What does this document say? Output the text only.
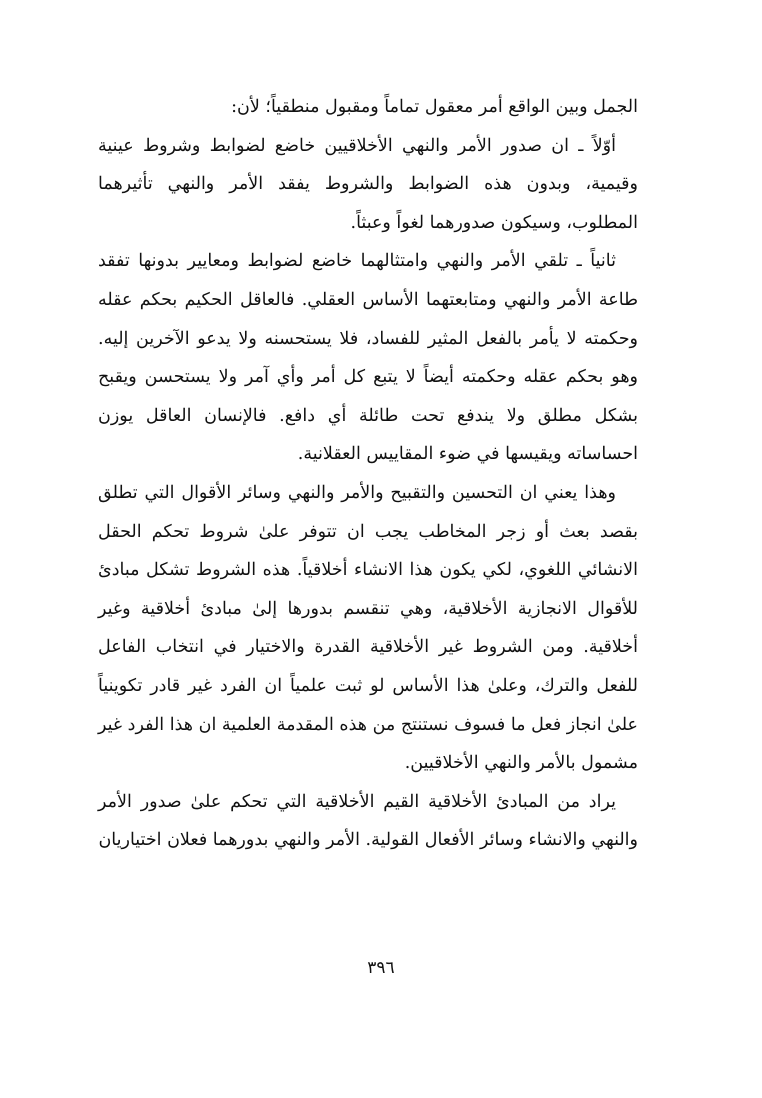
الجمل وبين الواقع أمر معقول تماماً ومقبول منطقياً؛ لأن:

أوّلاً ـ ان صدور الأمر والنهي الأخلاقيين خاضع لضوابط وشروط عينية وقيمية، وبدون هذه الضوابط والشروط يفقد الأمر والنهي تأثيرهما المطلوب، وسيكون صدورهما لغواً وعبثاً.

ثانياً ـ تلقي الأمر والنهي وامتثالهما خاضع لضوابط ومعايير بدونها تفقد طاعة الأمر والنهي ومتابعتهما الأساس العقلي. فالعاقل الحكيم بحكم عقله وحكمته لا يأمر بالفعل المثير للفساد، فلا يستحسنه ولا يدعو الآخرين إليه. وهو بحكم عقله وحكمته أيضاً لا يتبع كل أمر وأي آمر ولا يستحسن ويقبح بشكل مطلق ولا يندفع تحت طائلة أي دافع. فالإنسان العاقل يوزن احساساته ويقيسها في ضوء المقاييس العقلانية.

وهذا يعني ان التحسين والتقبيح والأمر والنهي وسائر الأقوال التي تطلق بقصد بعث أو زجر المخاطب يجب ان تتوفر علىٰ شروط تحكم الحقل الانشائي اللغوي، لكي يكون هذا الانشاء أخلاقياً. هذه الشروط تشكل مبادئ للأقوال الانجازية الأخلاقية، وهي تنقسم بدورها إلىٰ مبادئ أخلاقية وغير أخلاقية. ومن الشروط غير الأخلاقية القدرة والاختيار في انتخاب الفاعل للفعل والترك، وعلىٰ هذا الأساس لو ثبت علمياً ان الفرد غير قادر تكوينياً علىٰ انجاز فعل ما فسوف نستنتج من هذه المقدمة العلمية ان هذا الفرد غير مشمول بالأمر والنهي الأخلاقيين.

يراد من المبادئ الأخلاقية القيم الأخلاقية التي تحكم علىٰ صدور الأمر والنهي والانشاء وسائر الأفعال القولية. الأمر والنهي بدورهما فعلان اختياريان

٣٩٦
